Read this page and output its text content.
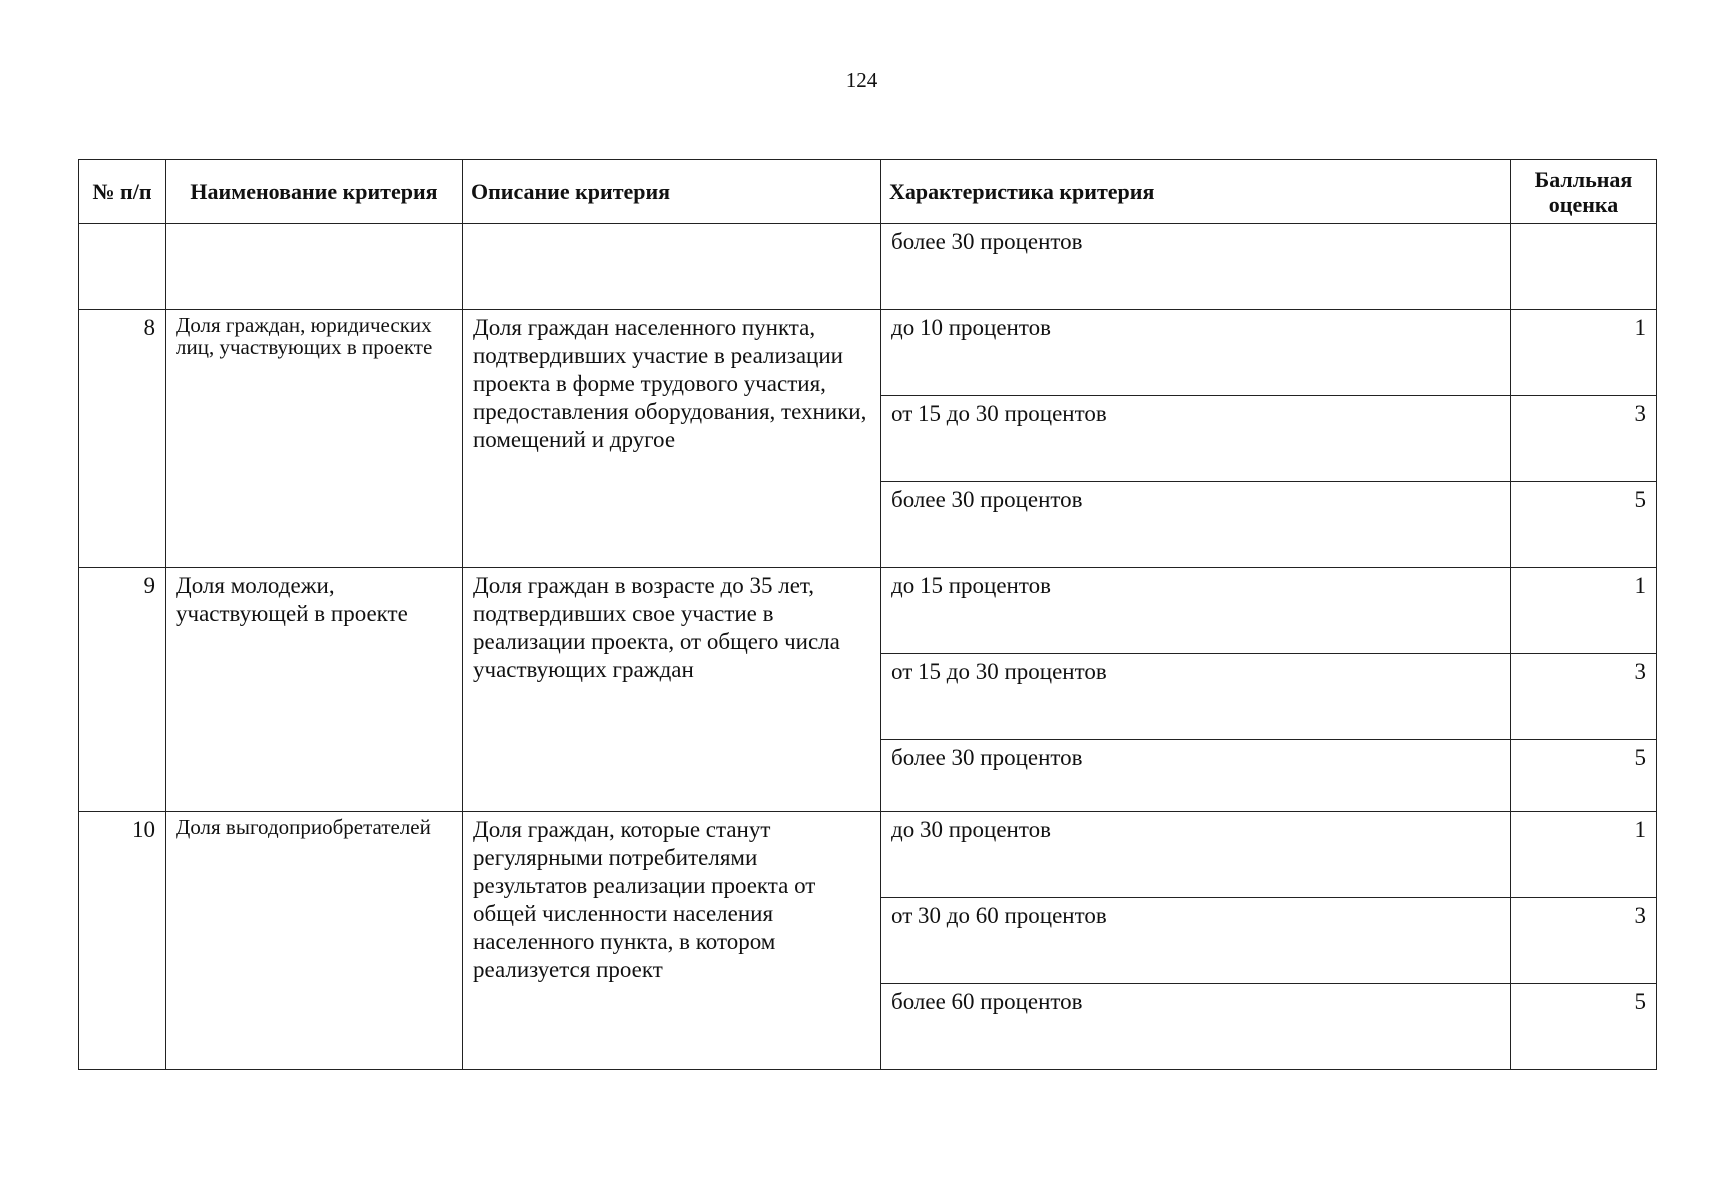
124
№ п/п	Наименование критерия	Описание критерия	Характеристика критерия	Балльная оценка
			более 30 процентов	
8	Доля граждан, юридических лиц, участвующих в проекте	Доля граждан населенного пункта, подтвердивших участие в реализации проекта в форме трудового участия, предоставления оборудования, техники, помещений и другое	до 10 процентов	1
			от 15 до 30 процентов	3
			более 30 процентов	5
9	Доля молодежи, участвующей в проекте	Доля граждан в возрасте до 35 лет, подтвердивших свое участие в реализации проекта, от общего числа участвующих граждан	до 15 процентов	1
			от 15 до 30 процентов	3
			более 30 процентов	5
10	Доля выгодоприобретателей	Доля граждан, которые станут регулярными потребителями результатов реализации проекта от общей численности населения населенного пункта, в котором реализуется проект	до 30 процентов	1
			от 30 до 60 процентов	3
			более 60 процентов	5
